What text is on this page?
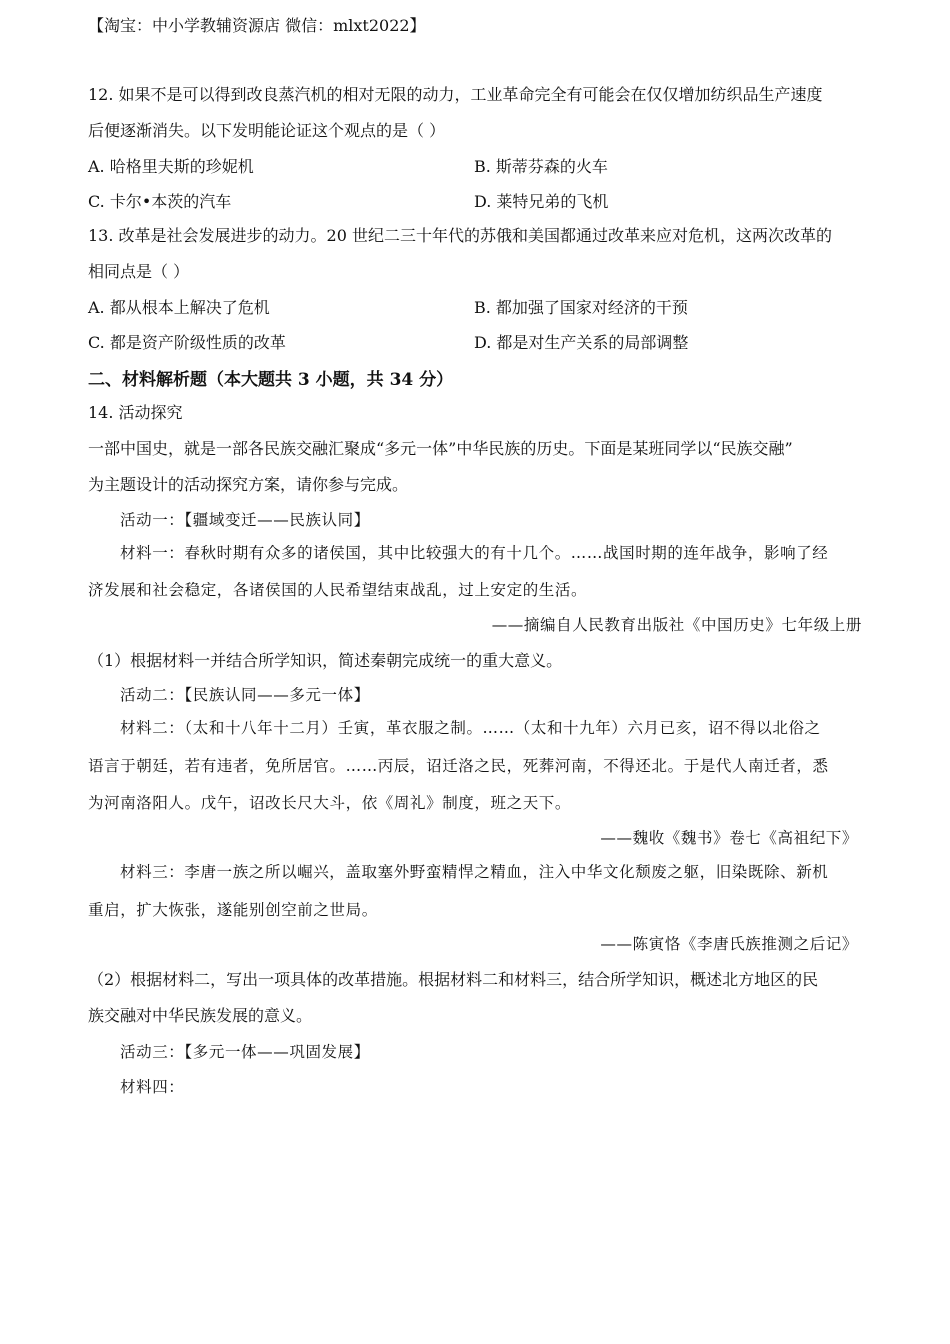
【淘宝：中小学教辅资源店 微信：mlxt2022】
12. 如果不是可以得到改良蒸汽机的相对无限的动力，工业革命完全有可能会在仅仅增加纺织品生产速度
后便逐渐消失。以下发明能论证这个观点的是（ ）
A. 哈格里夫斯的珍妮机	B. 斯蒂芬森的火车
C. 卡尔•本茨的汽车	D. 莱特兄弟的飞机
13. 改革是社会发展进步的动力。20 世纪二三十年代的苏俄和美国都通过改革来应对危机，这两次改革的
相同点是（ ）
A. 都从根本上解决了危机	B. 都加强了国家对经济的干预
C. 都是资产阶级性质的改革	D. 都是对生产关系的局部调整
二、材料解析题（本大题共 3 小题，共 34 分）
14. 活动探究
一部中国史，就是一部各民族交融汇聚成“多元一体”中华民族的历史。下面是某班同学以“民族交融”
为主题设计的活动探究方案，请你参与完成。
活动一：【疆域变迁——民族认同】
材料一：春秋时期有众多的诸侯国，其中比较强大的有十几个。……战国时期的连年战争，影响了经
济发展和社会稳定，各诸侯国的人民希望结束战乱，过上安定的生活。
——摘编自人民教育出版社《中国历史》七年级上册
（1）根据材料一并结合所学知识，简述秦朝完成统一的重大意义。
活动二：【民族认同——多元一体】
材料二：（太和十八年十二月）壬寅，革衣服之制。……（太和十九年）六月已亥，诏不得以北俗之
语言于朝廷，若有违者，免所居官。……丙辰，诏迁洛之民，死葬河南，不得还北。于是代人南迁者，悉
为河南洛阳人。戊午，诏改长尺大斗，依《周礼》制度，班之天下。
——魏收《魏书》卷七《高祖纪下》
材料三：李唐一族之所以崛兴，盖取塞外野蛮精悍之精血，注入中华文化颓废之躯，旧染既除、新机
重启，扩大恢张，遂能别创空前之世局。
——陈寅恪《李唐氏族推测之后记》
（2）根据材料二，写出一项具体的改革措施。根据材料二和材料三，结合所学知识，概述北方地区的民
族交融对中华民族发展的意义。
活动三：【多元一体——巩固发展】
材料四：
